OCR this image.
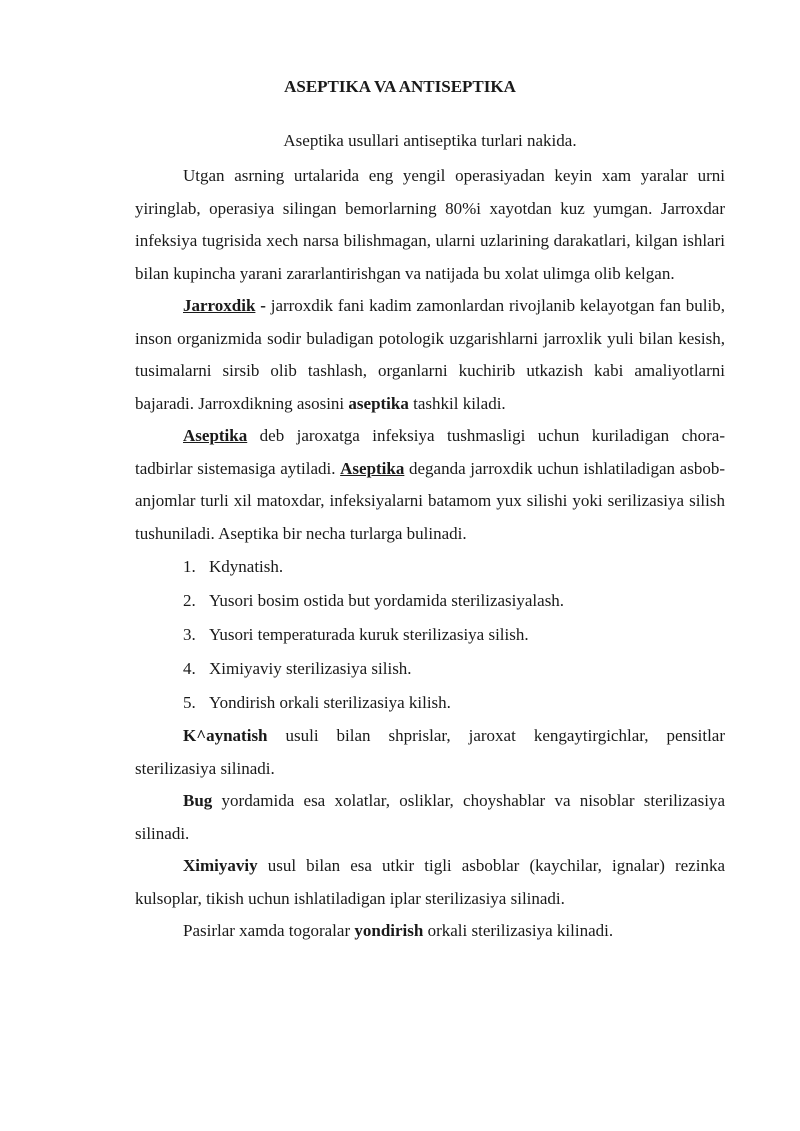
ASEPTIKA VA ANTISEPTIKA
Aseptika usullari antiseptika turlari nakida.

Utgan asrning urtalarida eng yengil operasiyadan keyin xam yaralar urni yiringlab, operasiya silingan bemorlarning 80%i xayotdan kuz yumgan. Jarroxdar infeksiya tugrisida xech narsa bilishmagan, ularni uzlarining darakatlari, kilgan ishlari bilan kupincha yarani zararlantirishgan va natijada bu xolat ulimga olib kelgan.

Jarroxdik - jarroxdik fani kadim zamonlardan rivojlanib kelayotgan fan bulib, inson organizmida sodir buladigan potologik uzgarishlarni jarroxlik yuli bilan kesish, tusimalarni sirsib olib tashlash, organlarni kuchirib utkazish kabi amaliyotlarni bajaradi. Jarroxdikning asosini aseptika tashkil kiladi.

Aseptika deb jaroxatga infeksiya tushmasligi uchun kuriladigan chora-tadbirlar sistemasiga aytiladi. Aseptika deganda jarroxdik uchun ishlatiladigan asbob-anjomlar turli xil matoxdar, infeksiyalarni batamom yux silishi yoki serilizasiya silish tushuniladi. Aseptika bir necha turlarga bulinadi.

1. Kdynatish.
2. Yusori bosim ostida but yordamida sterilizasiyalash.
3. Yusori temperaturada kuruk sterilizasiya silish.
4. Ximiyaviy sterilizasiya silish.
5. Yondirish orkali sterilizasiya kilish.

K^aynatish usuli bilan shprislar, jaroxat kengaytirgichlar, pensitlar sterilizasiya silinadi.

Bug yordamida esa xolatlar, osliklar, choyshablar va nisoblar sterilizasiya silinadi.

Ximiyaviy usul bilan esa utkir tigli asboblar (kaychilar, ignalar) rezinka kulsoplar, tikish uchun ishlatiladigan iplar sterilizasiya silinadi.

Pasirlar xamda togoralar yondirish orkali sterilizasiya kilinadi.
